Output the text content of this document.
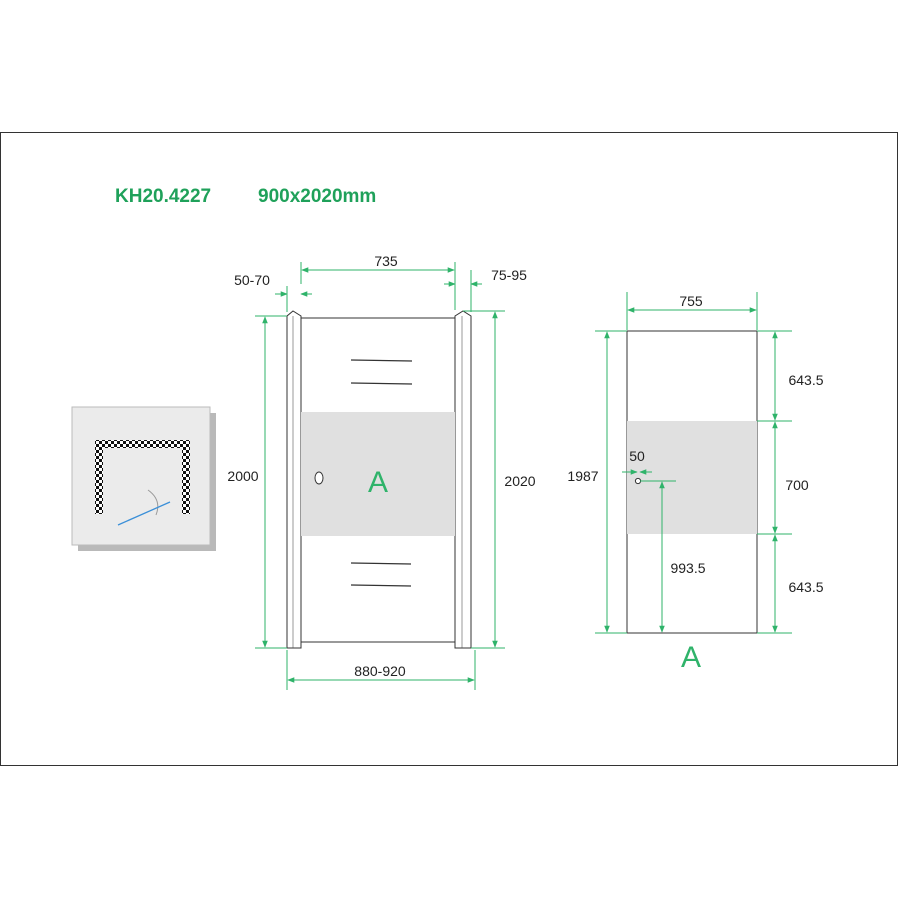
KH20.4227 900x2020mm
A
735
50-70	75-95
2000	2020
880-920	A
755
1987
643.5
700
643.5
50
993.5
